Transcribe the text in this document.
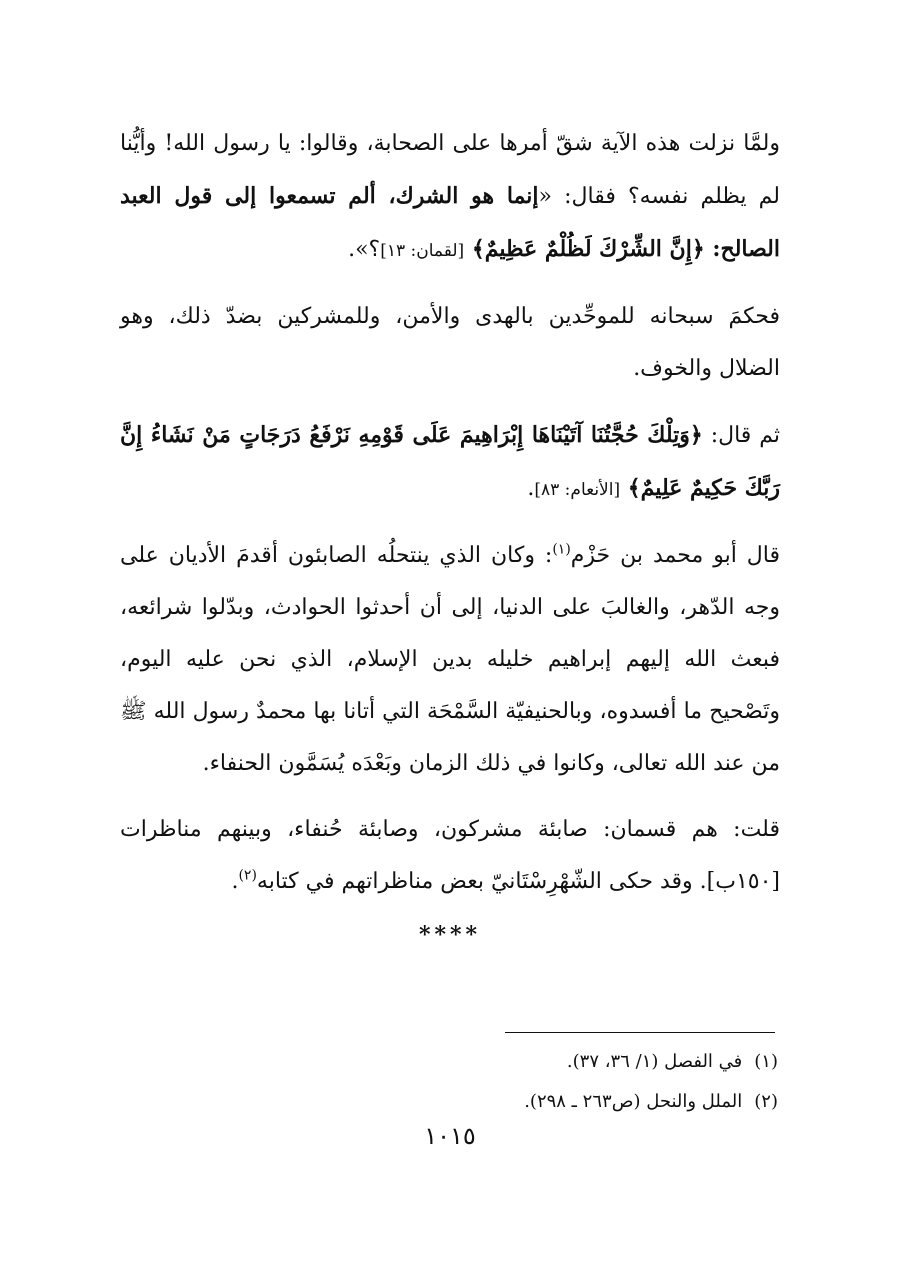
ولمَّا نزلت هذه الآية شقّ أمرها على الصحابة، وقالوا: يا رسول الله! وأيُّنا لم يظلم نفسه؟ فقال: «إنما هو الشرك، ألم تسمعوا إلى قول العبد الصالح: ﴿إِنَّ الشِّرْكَ لَظُلْمٌ عَظِيمٌ﴾ [لقمان: ١٣]؟».

فحكمَ سبحانه للموحِّدين بالهدى والأمن، وللمشركين بضدّ ذلك، وهو الضلال والخوف.

ثم قال: ﴿وَتِلْكَ حُجَّتُنَا آتَيْنَاهَا إِبْرَاهِيمَ عَلَى قَوْمِهِ نَرْفَعُ دَرَجَاتٍ مَنْ نَشَاءُ إِنَّ رَبَّكَ حَكِيمٌ عَلِيمٌ﴾ [الأنعام: ٨٣].

قال أبو محمد بن حَزْم$^{(١)}$: وكان الذي ينتحلُه الصابئون أقدمَ الأديان على وجه الدّهر، والغالبَ على الدنيا، إلى أن أحدثوا الحوادث، وبدّلوا شرائعه، فبعث الله إليهم إبراهيم خليله بدين الإسلام، الذي نحن عليه اليوم، وتَصْحيح ما أفسدوه، وبالحنيفيّة السَّمْحَة التي أتانا بها محمدٌ رسول الله ﷺ من عند الله تعالى، وكانوا في ذلك الزمان وبَعْدَه يُسَمَّون الحنفاء.

قلت: هم قسمان: صابئة مشركون، وصابئة حُنفاء، وبينهم مناظرات [١٥٠ب]. وقد حكى الشّهْرِسْتَانيّ بعض مناظراتهم في كتابه$^{(٢)}$.

****
(١)في الفصل (١/ ٣٦، ٣٧).
(٢)الملل والنحل (ص٢٦٣ ـ ٢٩٨).
١٠١٥
